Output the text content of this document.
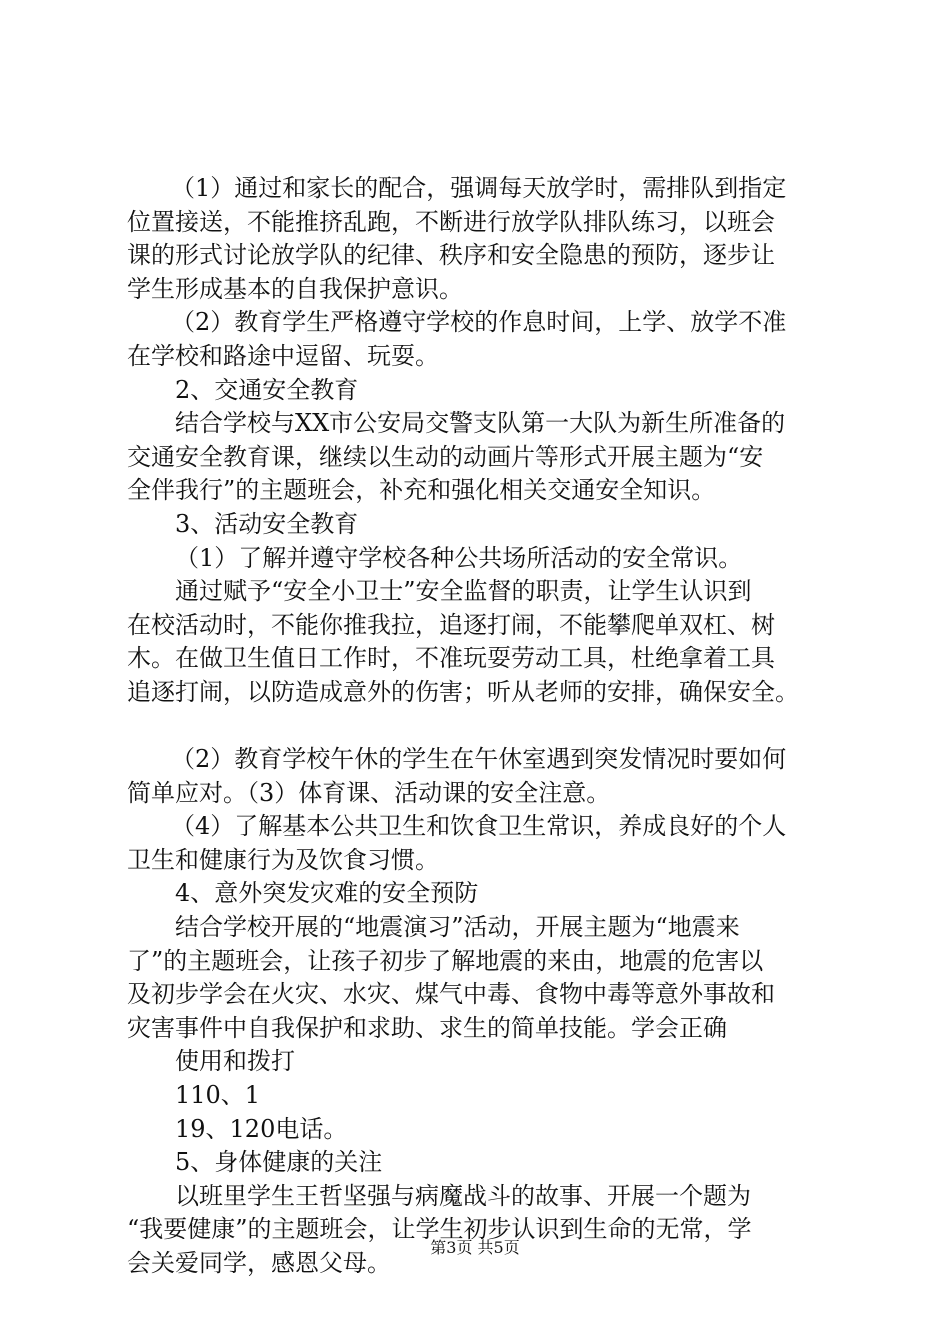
（1）通过和家长的配合，强调每天放学时，需排队到指定

位置接送，不能推挤乱跑，不断进行放学队排队练习，以班会

课的形式讨论放学队的纪律、秩序和安全隐患的预防，逐步让

学生形成基本的自我保护意识。

（2）教育学生严格遵守学校的作息时间，上学、放学不准

在学校和路途中逗留、玩耍。

2、交通安全教育

结合学校与XX市公安局交警支队第一大队为新生所准备的

交通安全教育课，继续以生动的动画片等形式开展主题为“安

全伴我行”的主题班会，补充和强化相关交通安全知识。

3、活动安全教育

（1）了解并遵守学校各种公共场所活动的安全常识。

通过赋予“安全小卫士”安全监督的职责，让学生认识到

在校活动时，不能你推我拉，追逐打闹，不能攀爬单双杠、树

木。在做卫生值日工作时，不准玩耍劳动工具，杜绝拿着工具

追逐打闹，以防造成意外的伤害；听从老师的安排，确保安全。

（2）教育学校午休的学生在午休室遇到突发情况时要如何

简单应对。（3）体育课、活动课的安全注意。

（4）了解基本公共卫生和饮食卫生常识，养成良好的个人

卫生和健康行为及饮食习惯。

4、意外突发灾难的安全预防

结合学校开展的“地震演习”活动，开展主题为“地震来

了”的主题班会，让孩子初步了解地震的来由，地震的危害以

及初步学会在火灾、水灾、煤气中毒、食物中毒等意外事故和

灾害事件中自我保护和求助、求生的简单技能。学会正确

使用和拨打

110、1

19、120电话。

5、身体健康的关注

以班里学生王哲坚强与病魔战斗的故事、开展一个题为

“我要健康”的主题班会，让学生初步认识到生命的无常，学

会关爱同学，感恩父母。

第3页 共5页
